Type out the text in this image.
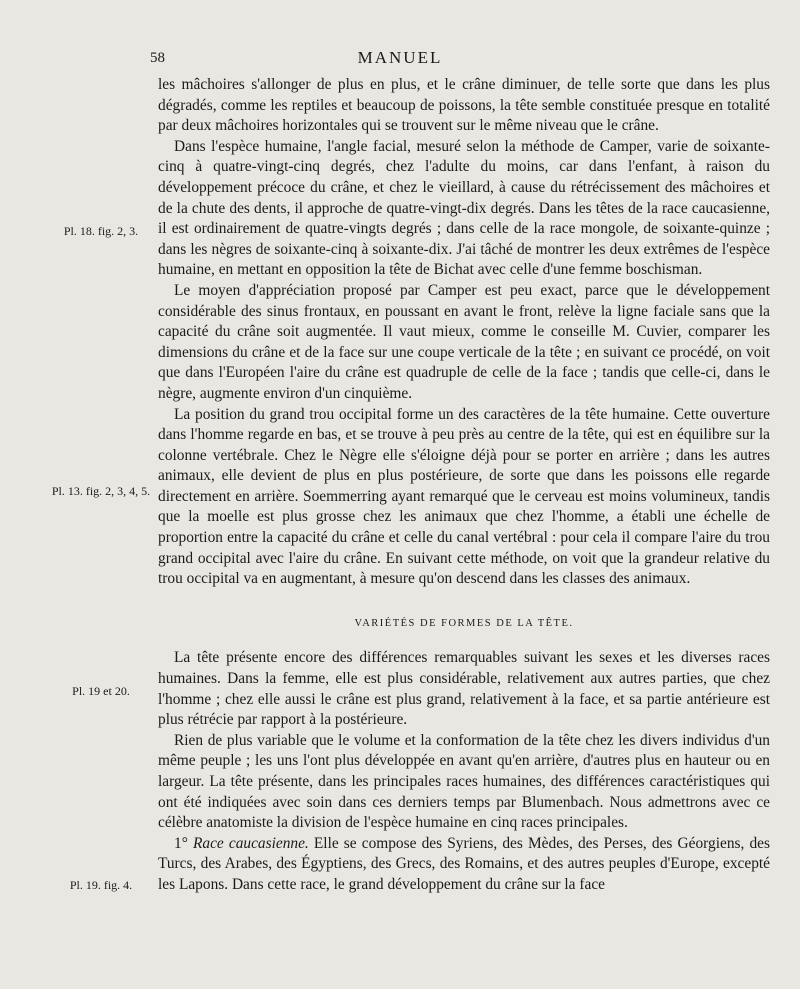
58	MANUEL
Pl. 18. fig. 2, 3.
Pl. 13. fig. 2, 3, 4, 5.
Pl. 19 et 20.
Pl. 19. fig. 4.

les mâchoires s'allonger de plus en plus, et le crâne diminuer, de telle sorte que dans les plus dégradés, comme les reptiles et beaucoup de poissons, la tête semble constituée presque en totalité par deux mâchoires horizontales qui se trouvent sur le même niveau que le crâne.

Dans l'espèce humaine, l'angle facial, mesuré selon la méthode de Camper, varie de soixante-cinq à quatre-vingt-cinq degrés, chez l'adulte du moins, car dans l'enfant, à raison du développement précoce du crâne, et chez le vieillard, à cause du rétrécissement des mâchoires et de la chute des dents, il approche de quatre-vingt-dix degrés. Dans les têtes de la race caucasienne, il est ordinairement de quatre-vingts degrés ; dans celle de la race mongole, de soixante-quinze ; dans les nègres de soixante-cinq à soixante-dix. J'ai tâché de montrer les deux extrêmes de l'espèce humaine, en mettant en opposition la tête de Bichat avec celle d'une femme boschisman.

Le moyen d'appréciation proposé par Camper est peu exact, parce que le développement considérable des sinus frontaux, en poussant en avant le front, relève la ligne faciale sans que la capacité du crâne soit augmentée. Il vaut mieux, comme le conseille M. Cuvier, comparer les dimensions du crâne et de la face sur une coupe verticale de la tête ; en suivant ce procédé, on voit que dans l'Européen l'aire du crâne est quadruple de celle de la face ; tandis que celle-ci, dans le nègre, augmente environ d'un cinquième.

La position du grand trou occipital forme un des caractères de la tête humaine. Cette ouverture dans l'homme regarde en bas, et se trouve à peu près au centre de la tête, qui est en équilibre sur la colonne vertébrale. Chez le Nègre elle s'éloigne déjà pour se porter en arrière ; dans les autres animaux, elle devient de plus en plus postérieure, de sorte que dans les poissons elle regarde directement en arrière. Soemmerring ayant remarqué que le cerveau est moins volumineux, tandis que la moelle est plus grosse chez les animaux que chez l'homme, a établi une échelle de proportion entre la capacité du crâne et celle du canal vertébral : pour cela il compare l'aire du trou grand occipital avec l'aire du crâne. En suivant cette méthode, on voit que la grandeur relative du trou occipital va en augmentant, à mesure qu'on descend dans les classes des animaux.

VARIÉTÉS DE FORMES DE LA TÊTE.

La tête présente encore des différences remarquables suivant les sexes et les diverses races humaines. Dans la femme, elle est plus considérable, relativement aux autres parties, que chez l'homme ; chez elle aussi le crâne est plus grand, relativement à la face, et sa partie antérieure est plus rétrécie par rapport à la postérieure.

Rien de plus variable que le volume et la conformation de la tête chez les divers individus d'un même peuple ; les uns l'ont plus développée en avant qu'en arrière, d'autres plus en hauteur ou en largeur. La tête présente, dans les principales races humaines, des différences caractéristiques qui ont été indiquées avec soin dans ces derniers temps par Blumenbach. Nous admettrons avec ce célèbre anatomiste la division de l'espèce humaine en cinq races principales.

1° Race caucasienne. Elle se compose des Syriens, des Mèdes, des Perses, des Géorgiens, des Turcs, des Arabes, des Égyptiens, des Grecs, des Romains, et des autres peuples d'Europe, excepté les Lapons. Dans cette race, le grand développement du crâne sur la face
